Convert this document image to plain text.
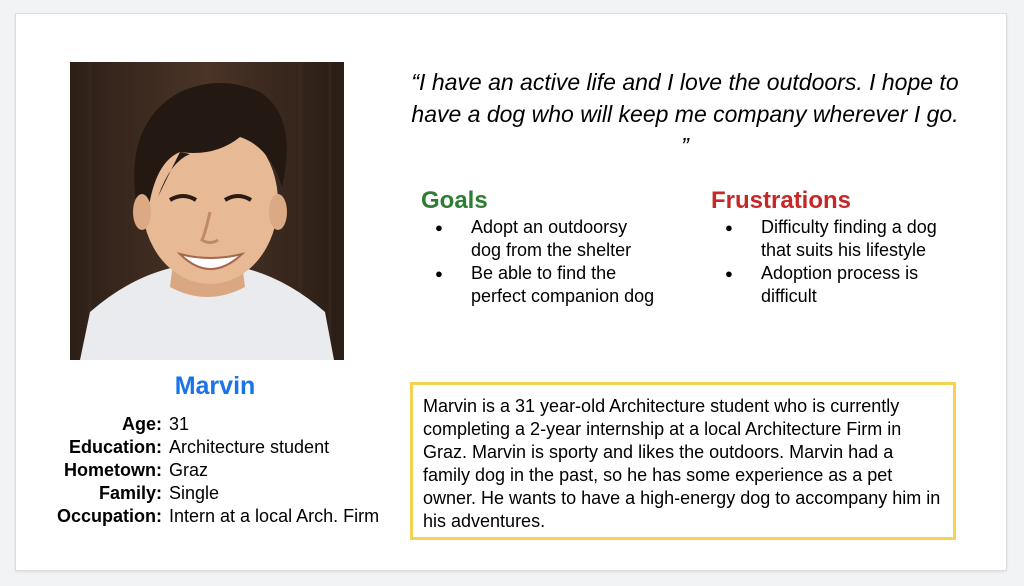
Marvin
Age: 31
Education: Architecture student
Hometown: Graz
Family: Single
Occupation: Intern at a local Arch. Firm
“I have an active life and I love the outdoors. I hope to have a dog who will keep me company wherever I go. ”
Goals
● Adopt an outdoorsy dog from the shelter
● Be able to find the perfect companion dog
Frustrations
● Difficulty finding a dog that suits his lifestyle
● Adoption process is difficult
Marvin is a 31 year-old Architecture student who is currently completing a 2-year internship at a local Architecture Firm in Graz. Marvin is sporty and likes the outdoors. Marvin had a family dog in the past, so he has some experience as a pet owner. He wants to have a high-energy dog to accompany him in his adventures.
